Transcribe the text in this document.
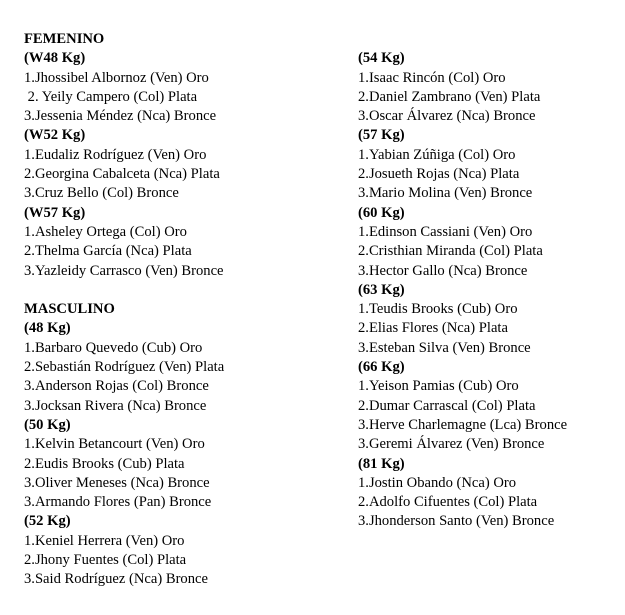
FEMENINO
(W48 Kg)
1.Jhossibel Albornoz (Ven) Oro
2. Yeily Campero (Col) Plata
3.Jessenia Méndez (Nca) Bronce
(W52 Kg)
1.Eudaliz Rodríguez (Ven) Oro
2.Georgina Cabalceta (Nca) Plata
3.Cruz Bello (Col) Bronce
(W57 Kg)
1.Asheley Ortega (Col) Oro
2.Thelma García (Nca) Plata
3.Yazleidy Carrasco (Ven) Bronce
MASCULINO
(48 Kg)
1.Barbaro Quevedo (Cub) Oro
2.Sebastián Rodríguez (Ven) Plata
3.Anderson Rojas (Col) Bronce
3.Jocksan Rivera (Nca) Bronce
(50 Kg)
1.Kelvin Betancourt (Ven) Oro
2.Eudis Brooks (Cub) Plata
3.Oliver Meneses (Nca) Bronce
3.Armando Flores (Pan) Bronce
(52 Kg)
1.Keniel Herrera (Ven) Oro
2.Jhony Fuentes (Col) Plata
3.Said Rodríguez (Nca) Bronce
(54 Kg)
1.Isaac Rincón (Col) Oro
2.Daniel Zambrano (Ven) Plata
3.Oscar Álvarez (Nca) Bronce
(57 Kg)
1.Yabian Zúñiga (Col) Oro
2.Josueth Rojas (Nca) Plata
3.Mario Molina (Ven) Bronce
(60 Kg)
1.Edinson Cassiani (Ven) Oro
2.Cristhian Miranda (Col) Plata
3.Hector Gallo (Nca) Bronce
(63 Kg)
1.Teudis Brooks (Cub) Oro
2.Elias Flores (Nca) Plata
3.Esteban Silva (Ven) Bronce
(66 Kg)
1.Yeison Pamias (Cub) Oro
2.Dumar Carrascal (Col) Plata
3.Herve Charlemagne (Lca) Bronce
3.Geremi Álvarez (Ven) Bronce
(81 Kg)
1.Jostin Obando (Nca) Oro
2.Adolfo Cifuentes (Col) Plata
3.Jhonderson Santo (Ven) Bronce
